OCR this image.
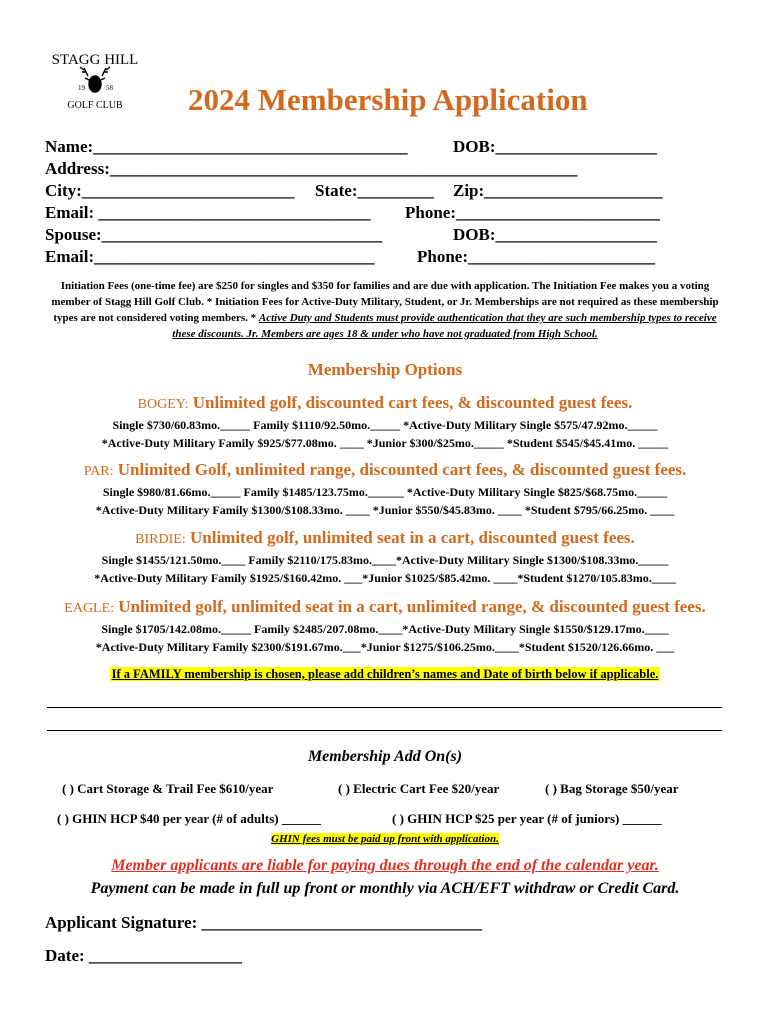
STAGG HILL
19	58
GOLF CLUB 2024 Membership Application
Name:_____________________________________	DOB:___________________
Address:_______________________________________________________
City:_________________________ State:_________ Zip:_____________________
Email: ________________________________ Phone:________________________
Spouse:_________________________________	DOB:___________________
Email:_________________________________ Phone:______________________
Initiation Fees (one-time fee) are $250 for singles and $350 for families and are due with application. The Initiation Fee makes you a voting member of Stagg Hill Golf Club. * Initiation Fees for Active-Duty Military, Student, or Jr. Memberships are not required as these membership types are not considered voting members. * Active Duty and Students must provide authentication that they are such membership types to receive these discounts. Jr. Members are ages 18 & under who have not graduated from High School.
Membership Options
BOGEY: Unlimited golf, discounted cart fees, & discounted guest fees.
Single $730/60.83mo._____ Family $1110/92.50mo._____ *Active-Duty Military Single $575/47.92mo._____
*Active-Duty Military Family $925/$77.08mo. ____ *Junior $300/$25mo._____ *Student $545/$45.41mo. _____
PAR: Unlimited Golf, unlimited range, discounted cart fees, & discounted guest fees.
Single $980/81.66mo._____ Family $1485/123.75mo.______ *Active-Duty Military Single $825/$68.75mo._____
*Active-Duty Military Family $1300/$108.33mo. ____ *Junior $550/$45.83mo. ____ *Student $795/66.25mo. ____
BIRDIE: Unlimited golf, unlimited seat in a cart, discounted guest fees.
Single $1455/121.50mo.____ Family $2110/175.83mo.____*Active-Duty Military Single $1300/$108.33mo._____
*Active-Duty Military Family $1925/$160.42mo. ___*Junior $1025/$85.42mo. ____*Student $1270/105.83mo.____
EAGLE: Unlimited golf, unlimited seat in a cart, unlimited range, & discounted guest fees.
Single $1705/142.08mo._____ Family $2485/207.08mo.____*Active-Duty Military Single $1550/$129.17mo.____
*Active-Duty Military Family $2300/$191.67mo.___*Junior $1275/$106.25mo.____*Student $1520/126.66mo. ___
If a FAMILY membership is chosen, please add children’s names and Date of birth below if applicable.
Membership Add On(s)
( ) Cart Storage & Trail Fee $610/year	( ) Electric Cart Fee $20/year	( ) Bag Storage $50/year
( ) GHIN HCP $40 per year (# of adults) ______	( ) GHIN HCP $25 per year (# of juniors) ______
GHIN fees must be paid up front with application.
Member applicants are liable for paying dues through the end of the calendar year.
Payment can be made in full up front or monthly via ACH/EFT withdraw or Credit Card.
Applicant Signature: _________________________________
Date: __________________
